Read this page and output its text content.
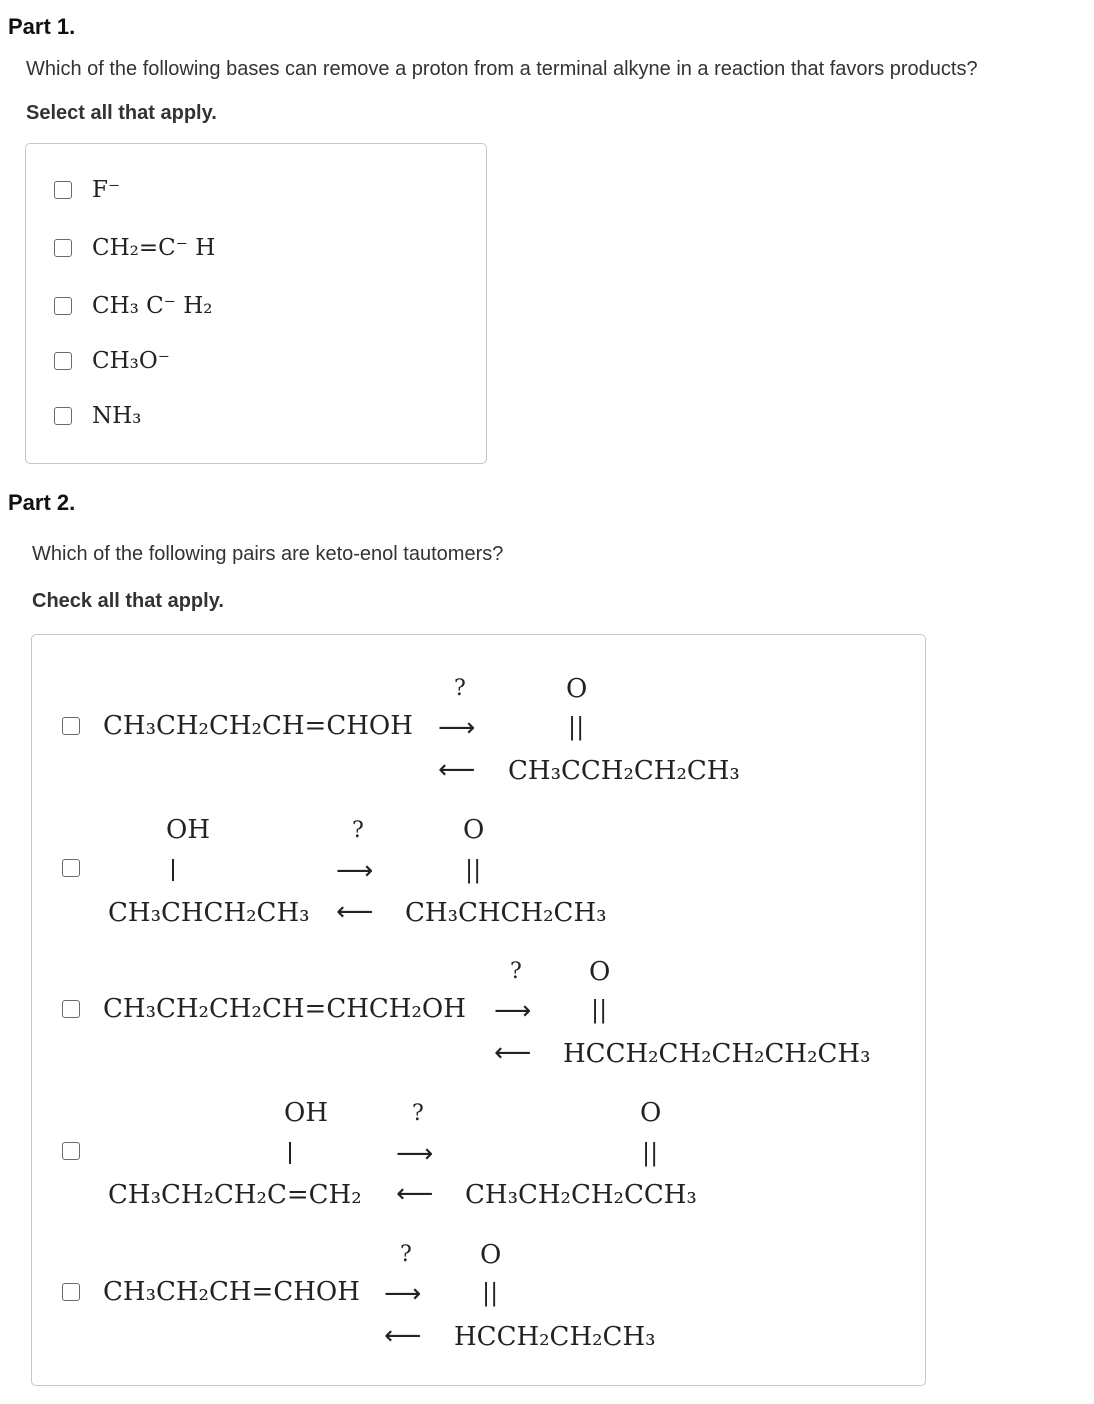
Part 1.
Which of the following bases can remove a proton from a terminal alkyne in a reaction that favors products?
Select all that apply.
F⁻
CH₂=C⁻ H
CH₃ C⁻ H₂
CH₃O⁻
NH₃
Part 2.
Which of the following pairs are keto-enol tautomers?
Check all that apply.
CH₃CH₂CH₂CH=CHOH
?
⟶
⟵
O
||
CH₃CCH₂CH₂CH₃
OH
CH₃CHCH₂CH₃
?
⟶
⟵
O
||
CH₃CHCH₂CH₃
CH₃CH₂CH₂CH=CHCH₂OH
?
⟶
⟵
O
||
HCCH₂CH₂CH₂CH₂CH₃
OH
CH₃CH₂CH₂C=CH₂
?
⟶
⟵
O
||
CH₃CH₂CH₂CCH₃
CH₃CH₂CH=CHOH
?
⟶
⟵
O
||
HCCH₂CH₂CH₃
